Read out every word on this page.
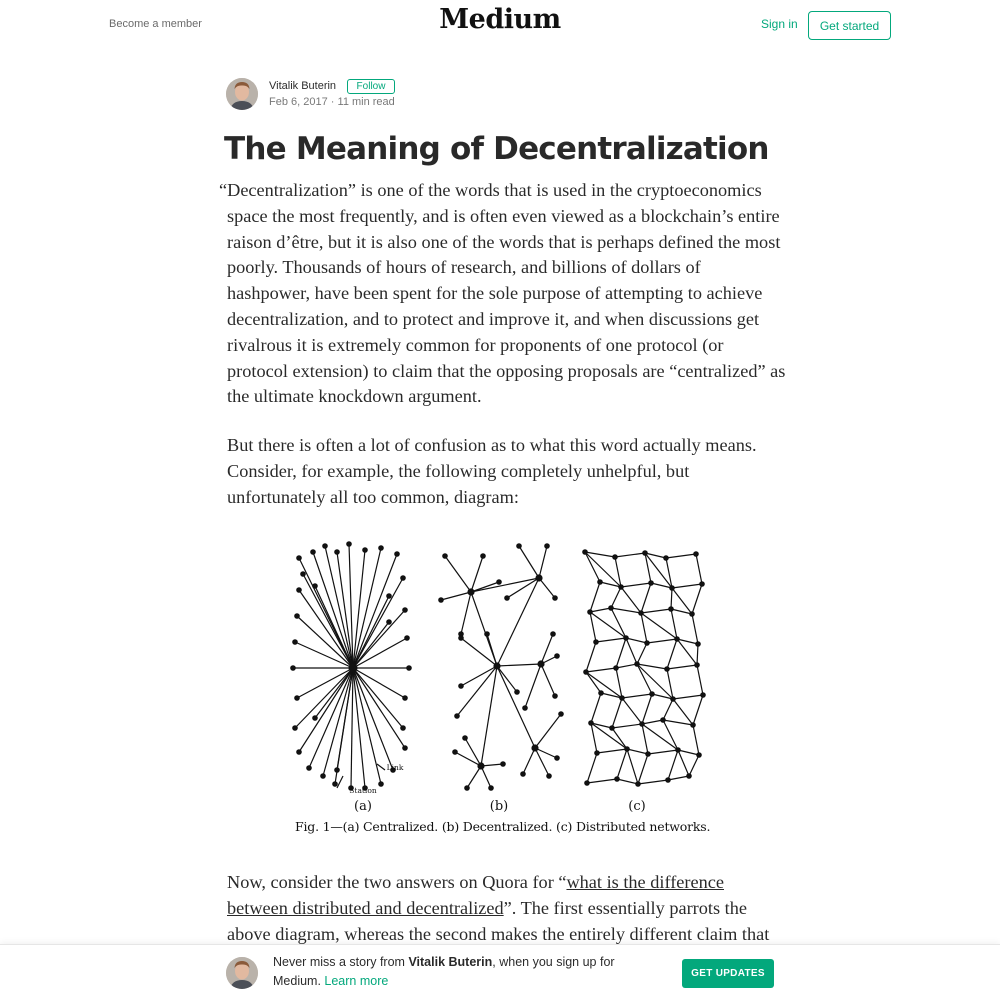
Become a member	Medium	Sign in	Get started
Vitalik Buterin	Follow
Feb 6, 2017 · 11 min read
The Meaning of Decentralization

“Decentralization” is one of the words that is used in the cryptoeconomics space the most frequently, and is often even viewed as a blockchain’s entire raison d’être, but it is also one of the words that is perhaps defined the most poorly. Thousands of hours of research, and billions of dollars of hashpower, have been spent for the sole purpose of attempting to achieve decentralization, and to protect and improve it, and when discussions get rivalrous it is extremely common for proponents of one protocol (or protocol extension) to claim that the opposing proposals are “centralized” as the ultimate knockdown argument.

But there is often a lot of confusion as to what this word actually means. Consider, for example, the following completely unhelpful, but unfortunately all too common, diagram:

Station
Link
(a)	(b)	(c)
Fig. 1—(a) Centralized. (b) Decentralized. (c) Distributed networks.

Now, consider the two answers on Quora for “what is the difference between distributed and decentralized”. The first essentially parrots the above diagram, whereas the second makes the entirely different claim that

Never miss a story from Vitalik Buterin, when you sign up for Medium. Learn more
GET UPDATES
